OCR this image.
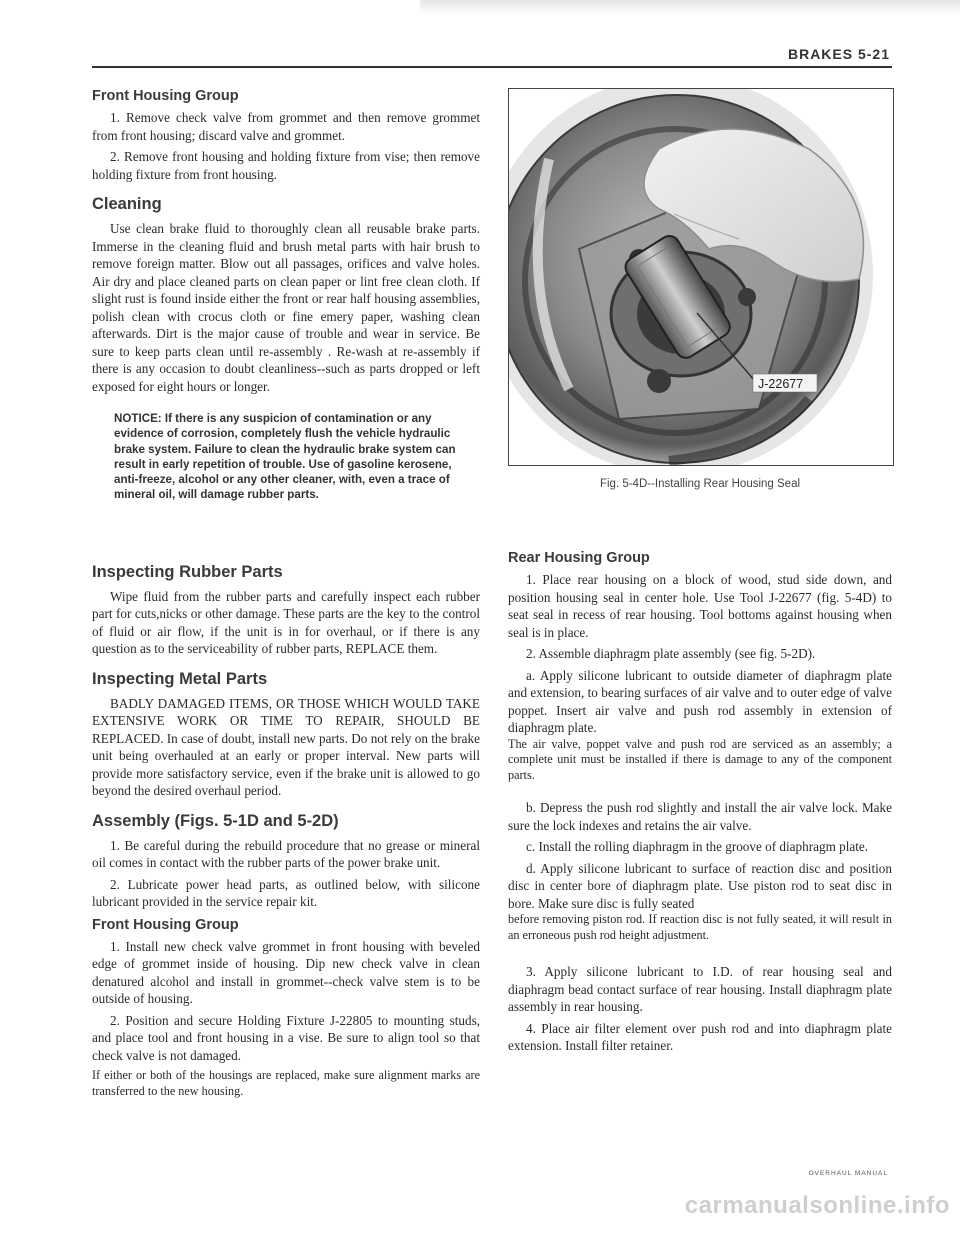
BRAKES 5-21
Front Housing Group

1. Remove check valve from grommet and then remove grommet from front housing; discard valve and grommet.

2. Remove front housing and holding fixture from vise; then remove holding fixture from front housing.

Cleaning

Use clean brake fluid to thoroughly clean all reusable brake parts. Immerse in the cleaning fluid and brush metal parts with hair brush to remove foreign matter. Blow out all passages, orifices and valve holes. Air dry and place cleaned parts on clean paper or lint free clean cloth. If slight rust is found inside either the front or rear half housing assemblies, polish clean with crocus cloth or fine emery paper, washing clean afterwards. Dirt is the major cause of trouble and wear in service. Be sure to keep parts clean until re-assembly . Re-wash at re-assembly if there is any occasion to doubt cleanliness--such as parts dropped or left exposed for eight hours or longer.

NOTICE: If there is any suspicion of contamination or any evidence of corrosion, completely flush the vehicle hydraulic brake system. Failure to clean the hydraulic brake system can result in early repetition of trouble. Use of gasoline kerosene, anti-freeze, alcohol or any other cleaner, with, even a trace of mineral oil, will damage rubber parts.
Inspecting Rubber Parts

Wipe fluid from the rubber parts and carefully inspect each rubber part for cuts,nicks or other damage. These parts are the key to the control of fluid or air flow, if the unit is in for overhaul, or if there is any question as to the serviceability of rubber parts, REPLACE them.

Inspecting Metal Parts

BADLY DAMAGED ITEMS, OR THOSE WHICH WOULD TAKE EXTENSIVE WORK OR TIME TO REPAIR, SHOULD BE REPLACED. In case of doubt, install new parts. Do not rely on the brake unit being overhauled at an early or proper interval. New parts will provide more satisfactory service, even if the brake unit is allowed to go beyond the desired overhaul period.

Assembly (Figs. 5-1D and 5-2D)

1. Be careful during the rebuild procedure that no grease or mineral oil comes in contact with the rubber parts of the power brake unit.

2. Lubricate power head parts, as outlined below, with silicone lubricant provided in the service repair kit.

Front Housing Group

1. Install new check valve grommet in front housing with beveled edge of grommet inside of housing. Dip new check valve in clean denatured alcohol and install in grommet--check valve stem is to be outside of housing.

2. Position and secure Holding Fixture J-22805 to mounting studs, and place tool and front housing in a vise. Be sure to align tool so that check valve is not damaged.

If either or both of the housings are replaced, make sure alignment marks are transferred to the new housing.

J-22677
Fig. 5-4D--Installing Rear Housing Seal
Rear Housing Group

1. Place rear housing on a block of wood, stud side down, and position housing seal in center hole. Use Tool J-22677 (fig. 5-4D) to seat seal in recess of rear housing. Tool bottoms against housing when seal is in place.

2. Assemble diaphragm plate assembly (see fig. 5-2D).

a. Apply silicone lubricant to outside diameter of diaphragm plate and extension, to bearing surfaces of air valve and to outer edge of valve poppet. Insert air valve and push rod assembly in extension of diaphragm plate.

The air valve, poppet valve and push rod are serviced as an assembly; a complete unit must be installed if there is damage to any of the component parts.

b. Depress the push rod slightly and install the air valve lock. Make sure the lock indexes and retains the air valve.

c. Install the rolling diaphragm in the groove of diaphragm plate.

d. Apply silicone lubricant to surface of reaction disc and position disc in center bore of diaphragm plate. Use piston rod to seat disc in bore. Make sure disc is fully seated

before removing piston rod. If reaction disc is not fully seated, it will result in an erroneous push rod height adjustment.

3. Apply silicone lubricant to I.D. of rear housing seal and diaphragm bead contact surface of rear housing. Install diaphragm plate assembly in rear housing.

4. Place air filter element over push rod and into diaphragm plate extension. Install filter retainer.

OVERHAUL MANUAL
carmanualsonline.info
